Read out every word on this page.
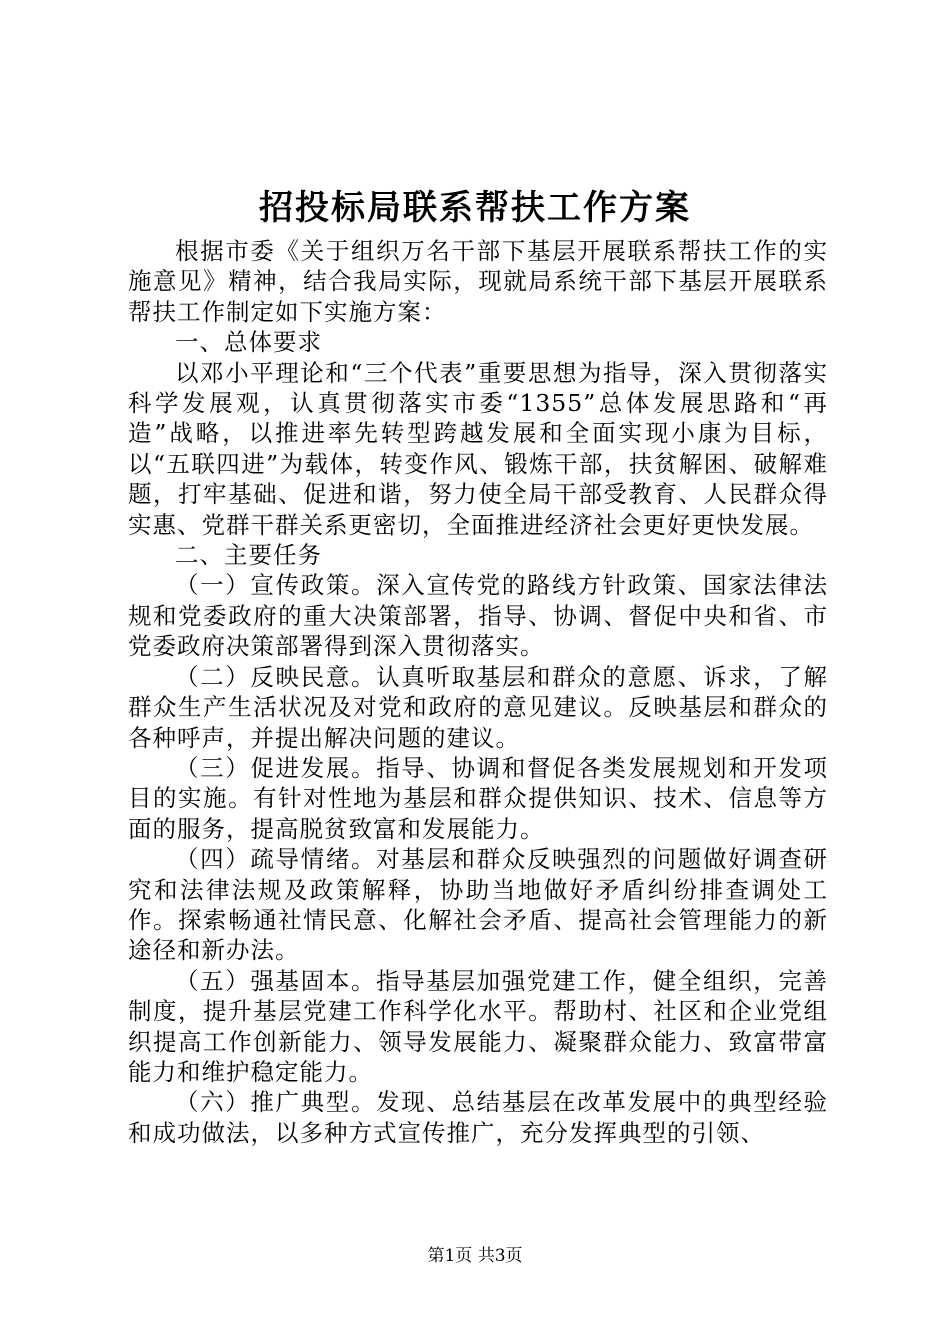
招投标局联系帮扶工作方案

根据市委《关于组织万名干部下基层开展联系帮扶工作的实施意见》精神，结合我局实际，现就局系统干部下基层开展联系帮扶工作制定如下实施方案：

一、总体要求

以邓小平理论和“三个代表”重要思想为指导，深入贯彻落实科学发展观，认真贯彻落实市委“1355”总体发展思路和“再造”战略，以推进率先转型跨越发展和全面实现小康为目标，以“五联四进”为载体，转变作风、锻炼干部，扶贫解困、破解难题，打牢基础、促进和谐，努力使全局干部受教育、人民群众得实惠、党群干群关系更密切，全面推进经济社会更好更快发展。

二、主要任务

（一）宣传政策。深入宣传党的路线方针政策、国家法律法规和党委政府的重大决策部署，指导、协调、督促中央和省、市党委政府决策部署得到深入贯彻落实。

（二）反映民意。认真听取基层和群众的意愿、诉求，了解群众生产生活状况及对党和政府的意见建议。反映基层和群众的各种呼声，并提出解决问题的建议。

（三）促进发展。指导、协调和督促各类发展规划和开发项目的实施。有针对性地为基层和群众提供知识、技术、信息等方面的服务，提高脱贫致富和发展能力。

（四）疏导情绪。对基层和群众反映强烈的问题做好调查研究和法律法规及政策解释，协助当地做好矛盾纠纷排查调处工作。探索畅通社情民意、化解社会矛盾、提高社会管理能力的新途径和新办法。

（五）强基固本。指导基层加强党建工作，健全组织，完善制度，提升基层党建工作科学化水平。帮助村、社区和企业党组织提高工作创新能力、领导发展能力、凝聚群众能力、致富带富能力和维护稳定能力。

（六）推广典型。发现、总结基层在改革发展中的典型经验和成功做法，以多种方式宣传推广，充分发挥典型的引领、

第1页 共3页
